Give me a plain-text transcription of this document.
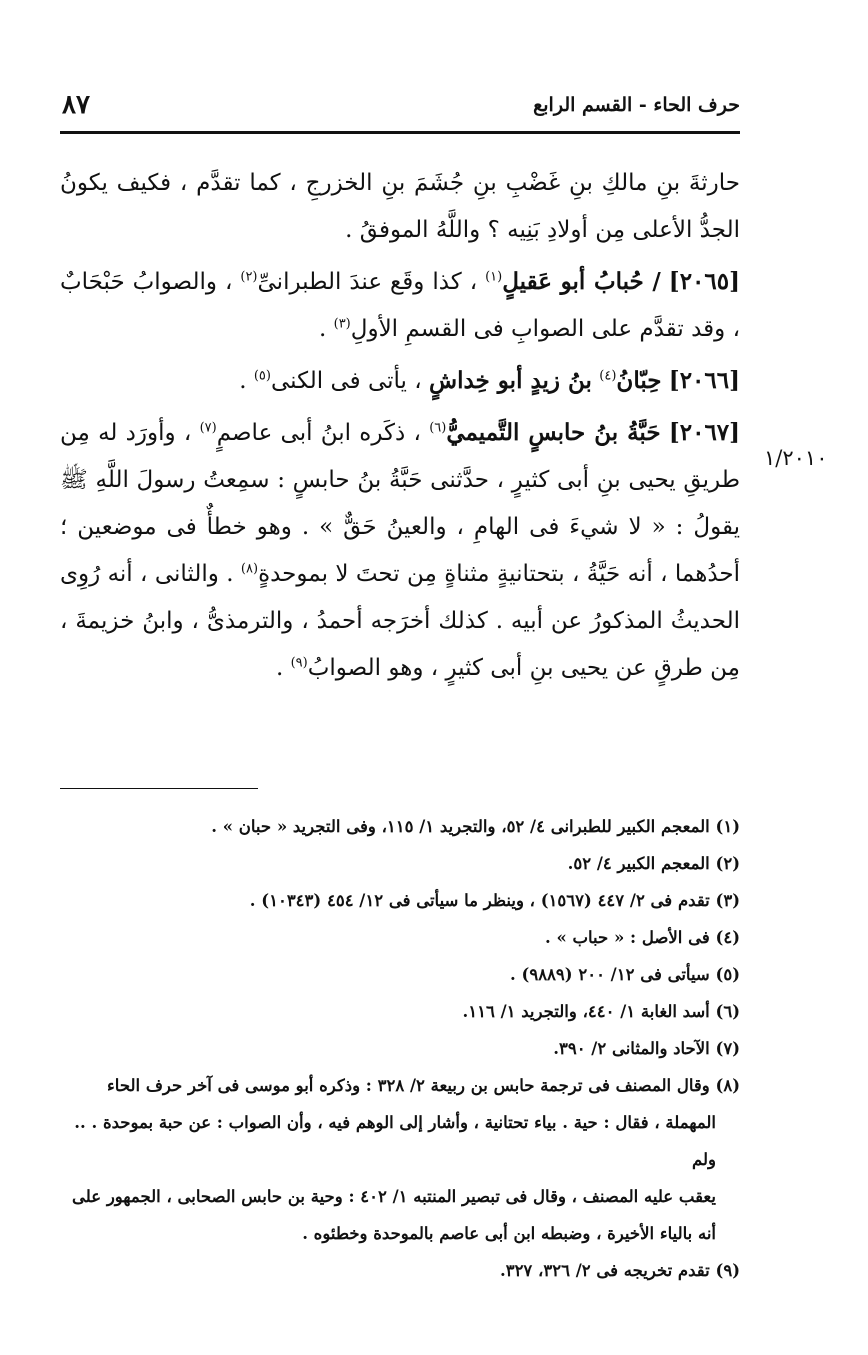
٨٧	حرف الحاء - القسم الرابع
١/٢٠١٠

حارثةَ بنِ مالكِ بنِ غَضْبِ بنِ جُشَمَ بنِ الخزرجِ ، كما تقدَّم ، فكيف يكونُ الجدُّ الأعلى مِن أولادِ بَنِيه ؟ واللَّهُ الموفقُ .

[٢٠٦٥] / حُبابُ أبو عَقيلٍ$^{(١)}$ ، كذا وقَع عندَ الطبرانىِّ$^{(٢)}$ ، والصوابُ حَبْحَابٌ ، وقد تقدَّم على الصوابِ فى القسمِ الأولِ$^{(٣)}$ .

[٢٠٦٦] حِبّانُ$^{(٤)}$ بنُ زيدٍ أبو خِداشٍ ، يأتى فى الكنى$^{(٥)}$ .

[٢٠٦٧] حَبَّةُ بنُ حابسٍ التَّميميُّ$^{(٦)}$ ، ذكَره ابنُ أبى عاصمٍ$^{(٧)}$ ، وأورَد له مِن طريقِ يحيى بنِ أبى كثيرٍ ، حدَّثنى حَبَّةُ بنُ حابسٍ : سمِعتُ رسولَ اللَّهِ ﷺ يقولُ : « لا شيءَ فى الهامِ ، والعينُ حَقٌّ » . وهو خطأٌ فى موضعين ؛ أحدُهما ، أنه حَيَّةُ ، بتحتانيةٍ مثناةٍ مِن تحتَ لا بموحدةٍ$^{(٨)}$ . والثانى ، أنه رُوِى الحديثُ المذكورُ عن أبيه . كذلك أخرَجه أحمدُ ، والترمذىُّ ، وابنُ خزيمةَ ، مِن طرقٍ عن يحيى بنِ أبى كثيرٍ ، وهو الصوابُ$^{(٩)}$ .

(١) المعجم الكبير للطبرانى ٤/ ٥٢، والتجريد ١/ ١١٥، وفى التجريد « حبان » .

(٢) المعجم الكبير ٤/ ٥٢.

(٣) تقدم فى ٢/ ٤٤٧ (١٥٦٧) ، وينظر ما سيأتى فى ١٢/ ٤٥٤ (١٠٣٤٣) .

(٤) فى الأصل : « حباب » .

(٥) سيأتى فى ١٢/ ٢٠٠ (٩٨٨٩) .

(٦) أسد الغابة ١/ ٤٤٠، والتجريد ١/ ١١٦.

(٧) الآحاد والمثانى ٢/ ٣٩٠.

(٨) وقال المصنف فى ترجمة حابس بن ربيعة ٢/ ٣٢٨ : وذكره أبو موسى فى آخر حرف الحاء

المهملة ، فقال : حية . بياء تحتانية ، وأشار إلى الوهم فيه ، وأن الصواب : عن حبة بموحدة . .. ولم

يعقب عليه المصنف ، وقال فى تبصير المنتبه ١/ ٤٠٢ : وحية بن حابس الصحابى ، الجمهور على

أنه بالياء الأخيرة ، وضبطه ابن أبى عاصم بالموحدة وخطئوه .

(٩) تقدم تخريجه فى ٢/ ٣٢٦، ٣٢٧.
